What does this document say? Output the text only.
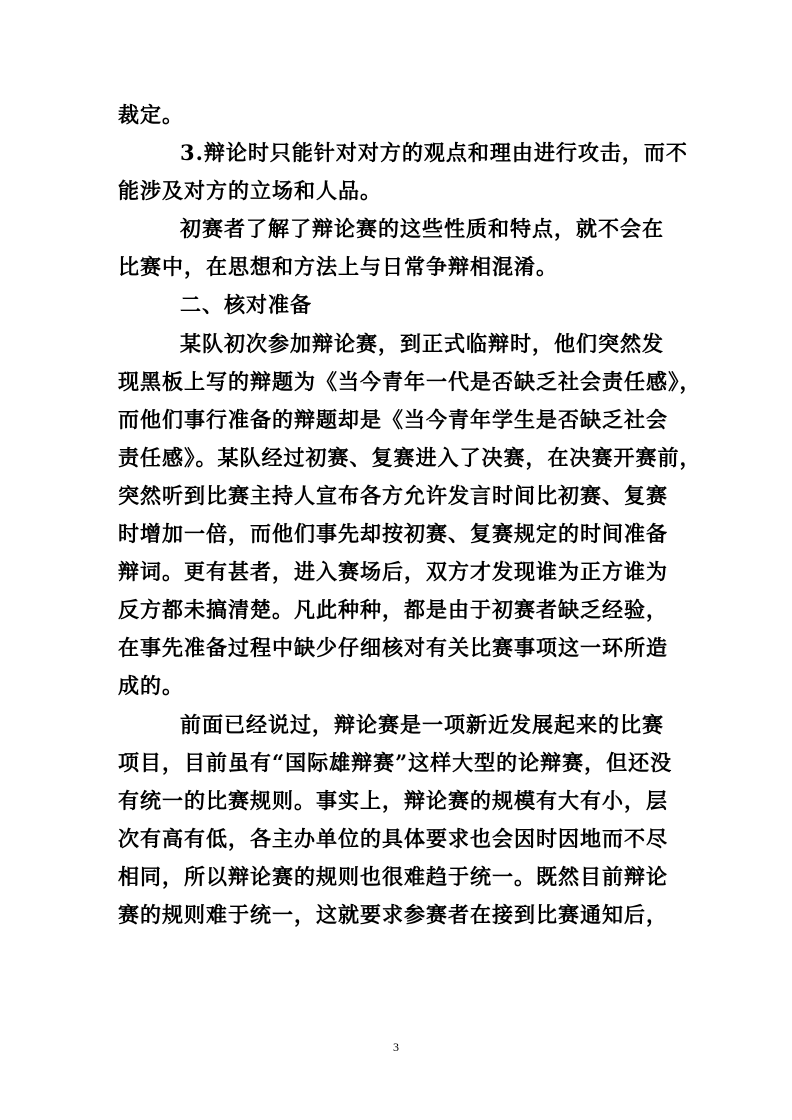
裁定。
3.辩论时只能针对对方的观点和理由进行攻击，而不
能涉及对方的立场和人品。
初赛者了解了辩论赛的这些性质和特点，就不会在
比赛中，在思想和方法上与日常争辩相混淆。
二、核对准备
某队初次参加辩论赛，到正式临辩时，他们突然发
现黑板上写的辩题为《当今青年一代是否缺乏社会责任感》，
而他们事行准备的辩题却是《当今青年学生是否缺乏社会
责任感》。某队经过初赛、复赛进入了决赛，在决赛开赛前，
突然听到比赛主持人宣布各方允许发言时间比初赛、复赛
时增加一倍，而他们事先却按初赛、复赛规定的时间准备
辩词。更有甚者，进入赛场后，双方才发现谁为正方谁为
反方都未搞清楚。凡此种种，都是由于初赛者缺乏经验，
在事先准备过程中缺少仔细核对有关比赛事项这一环所造
成的。
前面已经说过，辩论赛是一项新近发展起来的比赛
项目，目前虽有“国际雄辩赛”这样大型的论辩赛，但还没
有统一的比赛规则。事实上，辩论赛的规模有大有小，层
次有高有低，各主办单位的具体要求也会因时因地而不尽
相同，所以辩论赛的规则也很难趋于统一。既然目前辩论
赛的规则难于统一，这就要求参赛者在接到比赛通知后，
3
